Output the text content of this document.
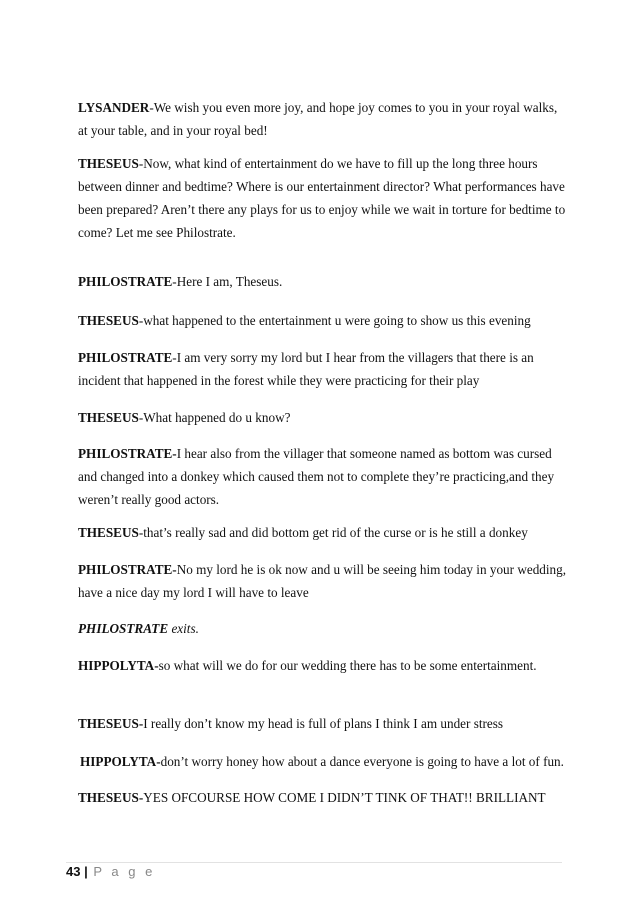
LYSANDER-We wish you even more joy, and hope joy comes to you in your royal walks, at your table, and in your royal bed!

THESEUS-Now, what kind of entertainment do we have to fill up the long three hours between dinner and bedtime? Where is our entertainment director? What performances have been prepared? Aren’t there any plays for us to enjoy while we wait in torture for bedtime to come? Let me see Philostrate.

PHILOSTRATE-Here I am, Theseus.

THESEUS-what happened to the entertainment u were going to show us this evening

PHILOSTRATE-I am very sorry my lord but I hear from the villagers that there is an incident that happened in the forest while they were practicing for their play

THESEUS-What happened do u know?

PHILOSTRATE-I hear also from the villager that someone named as bottom was cursed and changed into a donkey which caused them not to complete they’re practicing,and they weren’t really good actors.

THESEUS-that’s really sad and did bottom get rid of the curse or is he still a donkey

PHILOSTRATE-No my lord he is ok now and u will be seeing him today in your wedding, have a nice day my lord I will have to leave

PHILOSTRATE exits.

HIPPOLYTA-so what will we do for our wedding there has to be some entertainment.

THESEUS-I really don’t know my head is full of plans I think I am under stress

HIPPOLYTA-don’t worry honey how about a dance everyone is going to have a lot of fun.

THESEUS-YES OFCOURSE HOW COME I DIDN’T TINK OF THAT!! BRILLIANT

43 | P a g e
